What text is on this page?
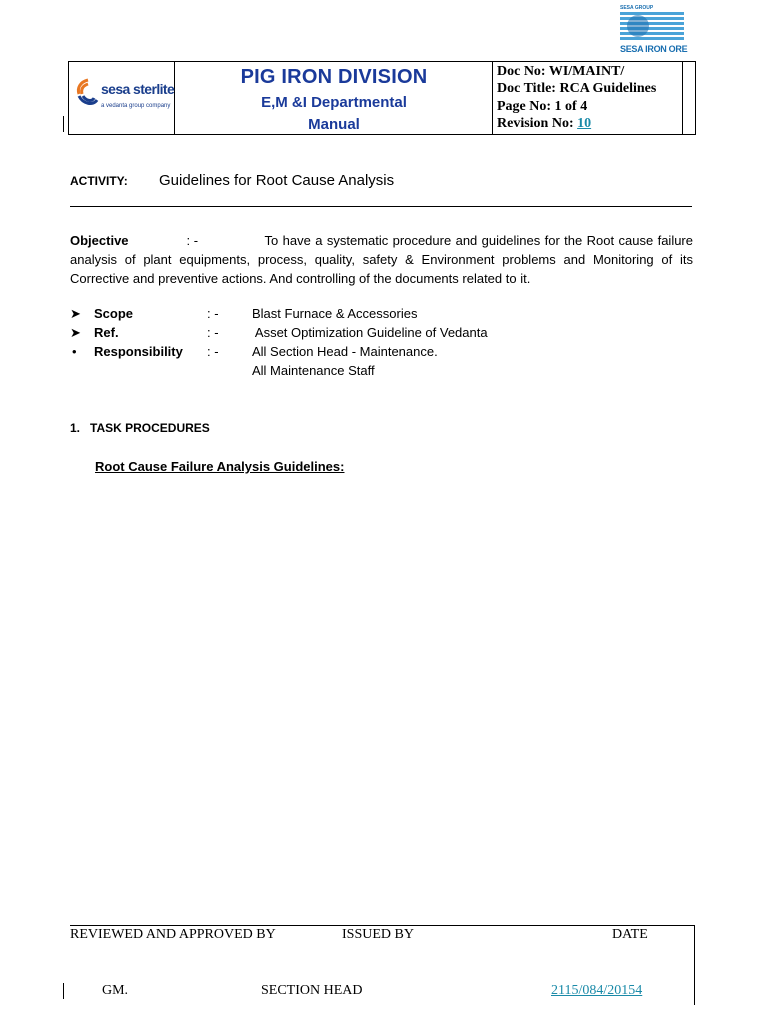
sesa sterlite
a vedanta group company
PIG IRON DIVISION
E,M &I Departmental
Manual
Doc No: WI/MAINT/
Doc Title: RCA Guidelines
Page No: 1 of 4
Revision No: 10
SESA GROUP
SESA IRON ORE
ACTIVITY: Guidelines for Root Cause Analysis
Objective	: -	To have a systematic procedure and guidelines for the Root cause failure analysis of plant equipments, process, quality, safety & Environment problems and Monitoring of its Corrective and preventive actions. And controlling of the documents related to it.
➤	Scope	: -	Blast Furnace & Accessories
➤	Ref.	: -	Asset Optimization Guideline of Vedanta
•	Responsibility : -	All Section Head - Maintenance.
All Maintenance Staff
1. TASK PROCEDURES
Root Cause Failure Analysis Guidelines:
REVIEWED AND APPROVED BY	ISSUED BY	DATE
GM.	SECTION HEAD	2115/084/20154
